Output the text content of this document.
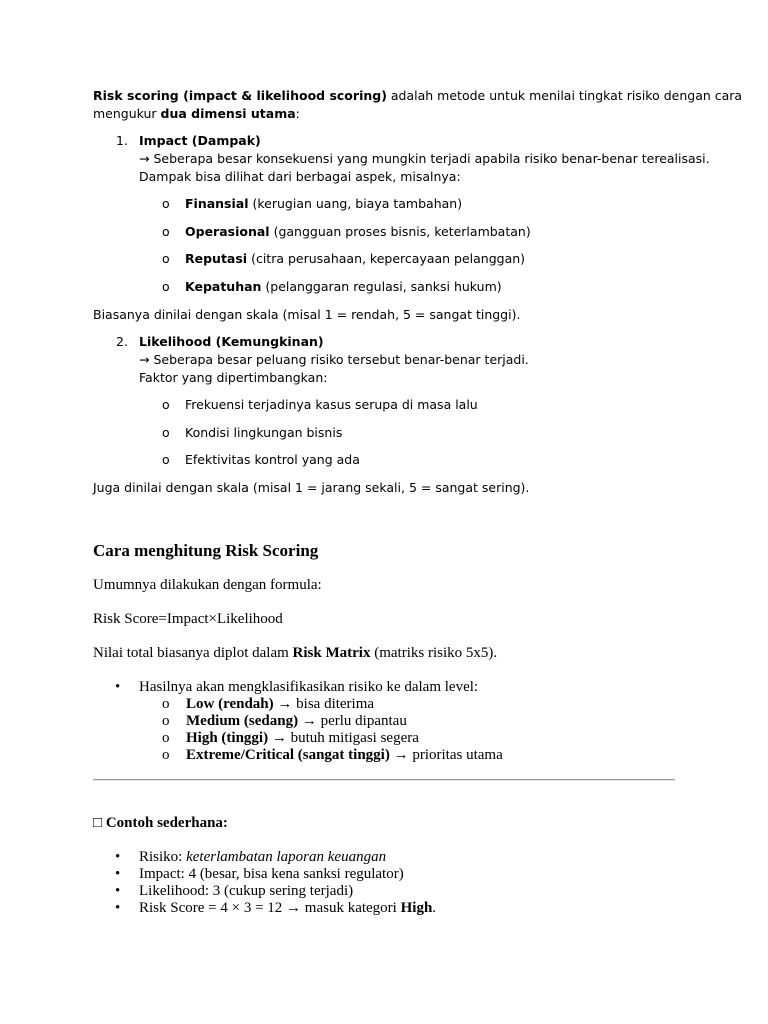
Risk scoring (impact & likelihood scoring) adalah metode untuk menilai tingkat risiko dengan cara
mengukur dua dimensi utama:
1. Impact (Dampak)
→ Seberapa besar konsekuensi yang mungkin terjadi apabila risiko benar-benar terealisasi.
Dampak bisa dilihat dari berbagai aspek, misalnya:
o Finansial (kerugian uang, biaya tambahan)
o Operasional (gangguan proses bisnis, keterlambatan)
o Reputasi (citra perusahaan, kepercayaan pelanggan)
o Kepatuhan (pelanggaran regulasi, sanksi hukum)
Biasanya dinilai dengan skala (misal 1 = rendah, 5 = sangat tinggi).
2. Likelihood (Kemungkinan)
→ Seberapa besar peluang risiko tersebut benar-benar terjadi.
Faktor yang dipertimbangkan:
o Frekuensi terjadinya kasus serupa di masa lalu
o Kondisi lingkungan bisnis
o Efektivitas kontrol yang ada
Juga dinilai dengan skala (misal 1 = jarang sekali, 5 = sangat sering).
Cara menghitung Risk Scoring
Umumnya dilakukan dengan formula:
Risk Score=Impact×Likelihood
Nilai total biasanya diplot dalam Risk Matrix (matriks risiko 5x5).
• Hasilnya akan mengklasifikasikan risiko ke dalam level:
o Low (rendah) → bisa diterima
o Medium (sedang) → perlu dipantau
o High (tinggi) → butuh mitigasi segera
o Extreme/Critical (sangat tinggi) → prioritas utama
□ Contoh sederhana:
• Risiko: keterlambatan laporan keuangan
• Impact: 4 (besar, bisa kena sanksi regulator)
• Likelihood: 3 (cukup sering terjadi)
• Risk Score = 4 × 3 = 12 → masuk kategori High.
